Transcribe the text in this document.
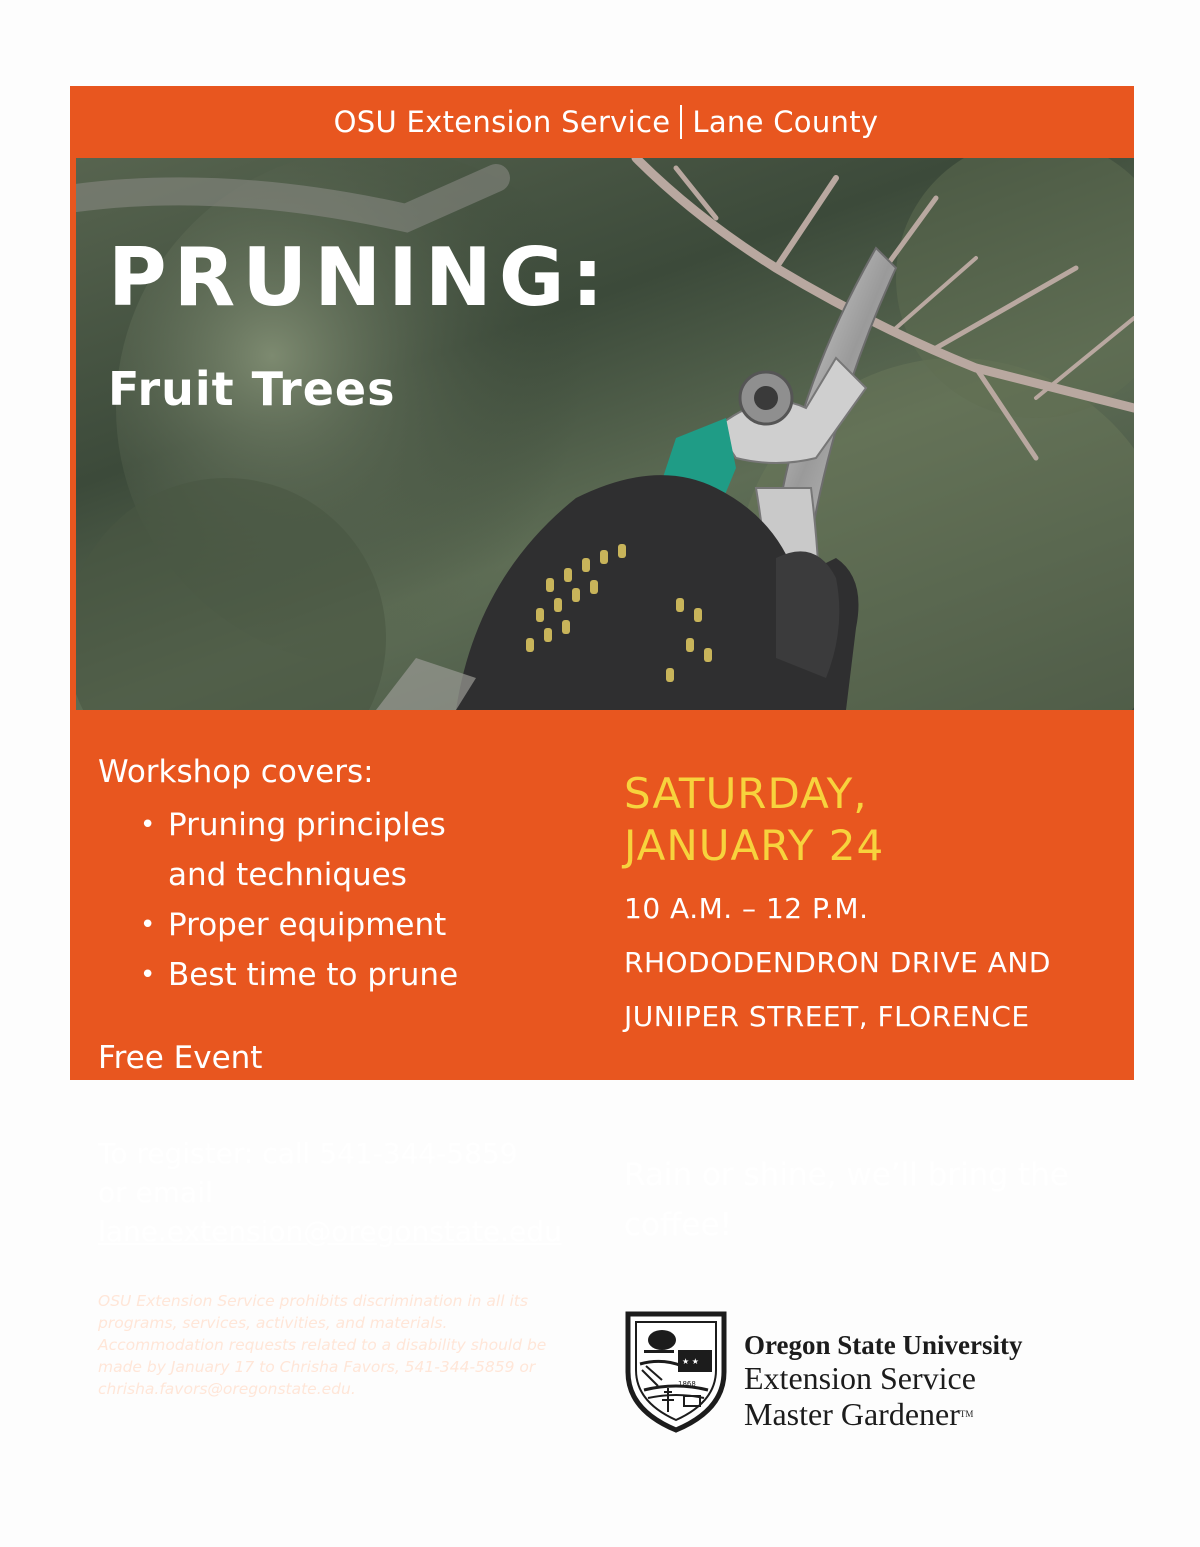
OSU Extension Service Lane County
PRUNING:
Fruit Trees
Workshop covers:
• Pruning principles and techniques
• Proper equipment
• Best time to prune
Free Event
To register: call 541-344-5859
or email
lane.extension@oregonstate.edu
SATURDAY,
JANUARY 24
10 A.M. – 12 P.M.
RHODODENDRON DRIVE AND
JUNIPER STREET, FLORENCE
Rain or shine, we’ll bring the coffee!
OSU Extension Service prohibits discrimination in all its programs, services, activities, and materials. Accommodation requests related to a disability should be made by January 17 to Chrisha Favors, 541-344-5859 or chrisha.favors@oregonstate.edu.
★ ★
1868
Oregon State University
Extension Service
Master Gardener™
